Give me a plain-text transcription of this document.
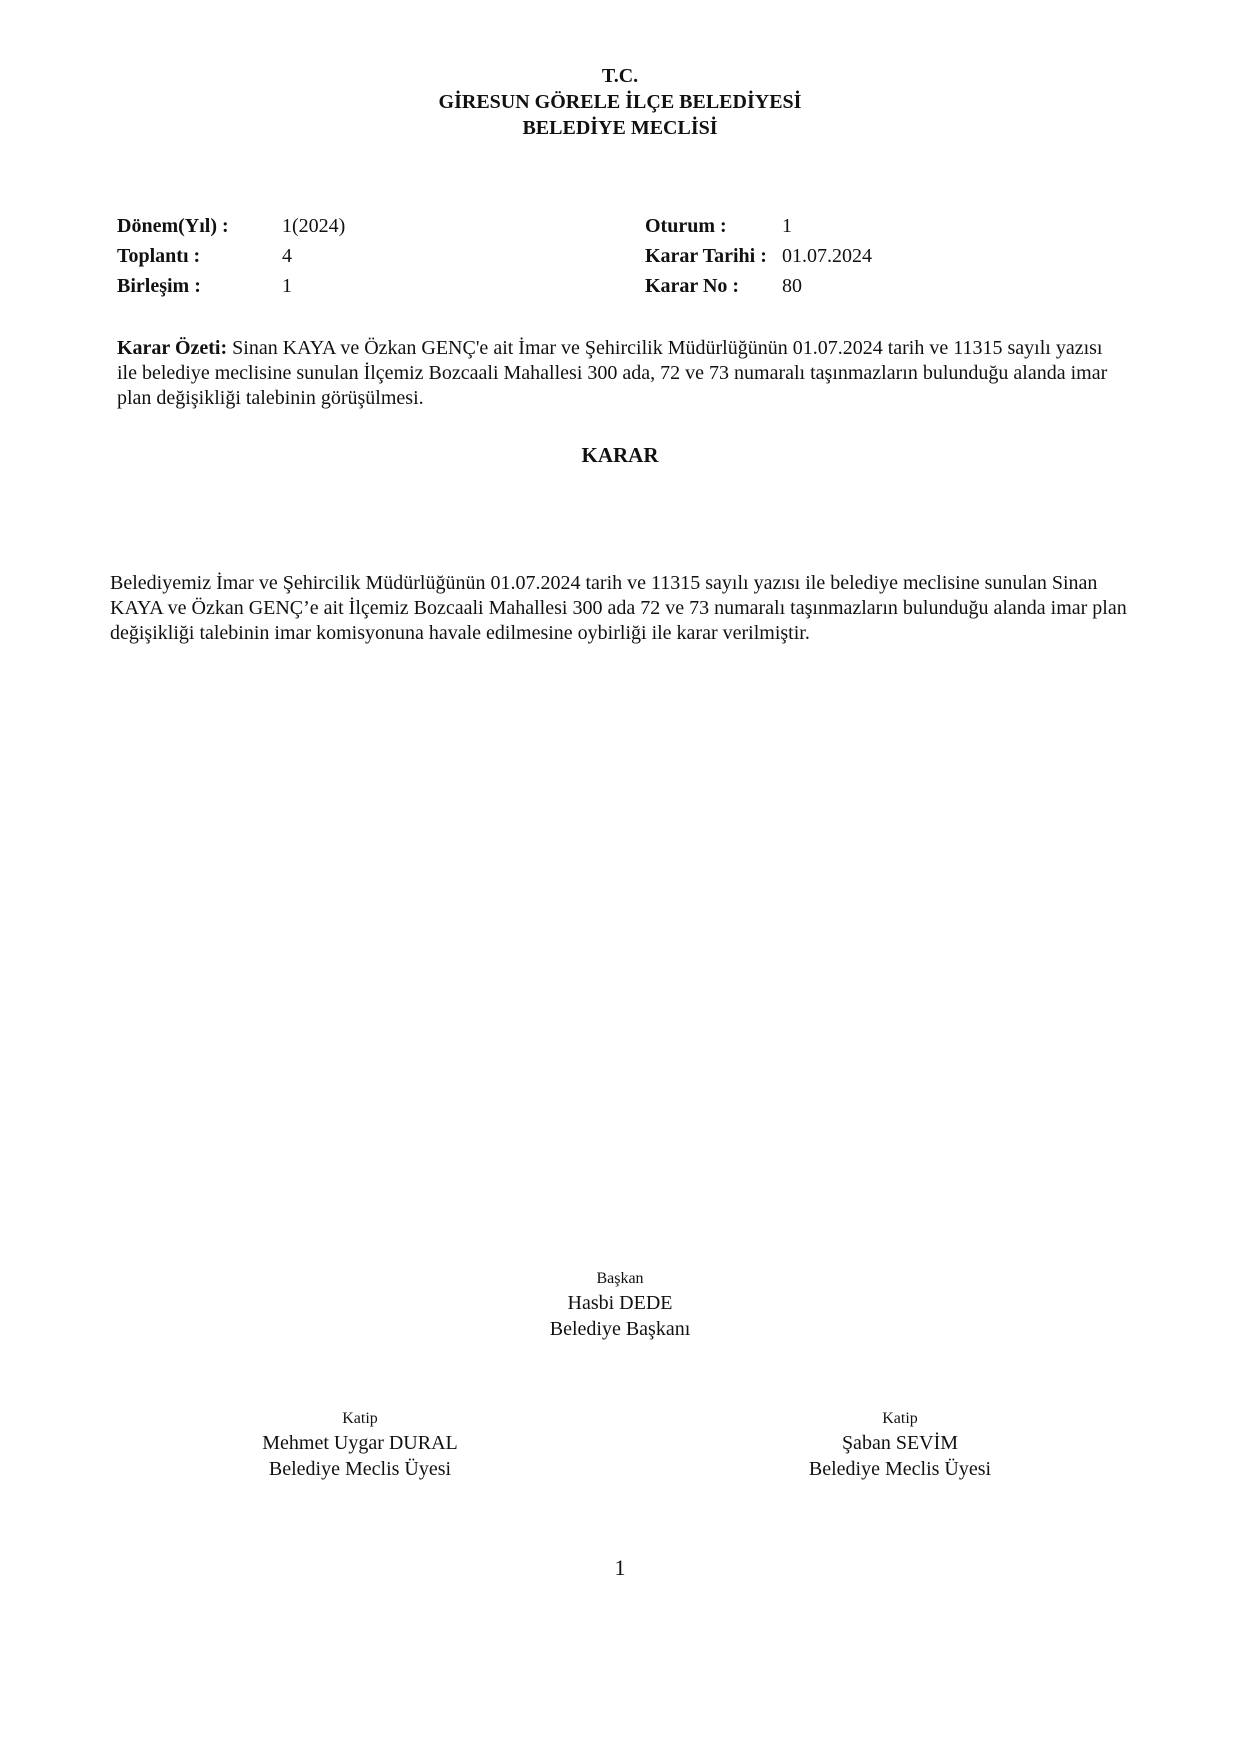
T.C.
GİRESUN GÖRELE İLÇE BELEDİYESİ
BELEDİYE MECLİSİ
Dönem(Yıl) :	1(2024)
Toplantı :	4
Birleşim :	1
Oturum :	1
Karar Tarihi : 01.07.2024
Karar No : 80
Karar Özeti: Sinan KAYA ve Özkan GENÇ'e ait İmar ve Şehircilik Müdürlüğünün 01.07.2024 tarih ve 11315 sayılı yazısı ile belediye meclisine sunulan İlçemiz Bozcaali Mahallesi 300 ada, 72 ve 73 numaralı taşınmazların bulunduğu alanda imar plan değişikliği talebinin görüşülmesi.
KARAR
Belediyemiz İmar ve Şehircilik Müdürlüğünün 01.07.2024 tarih ve 11315 sayılı yazısı ile belediye meclisine sunulan Sinan KAYA ve Özkan GENÇ’e ait İlçemiz Bozcaali Mahallesi 300 ada 72 ve 73 numaralı taşınmazların bulunduğu alanda imar plan değişikliği talebinin imar komisyonuna havale edilmesine oybirliği ile karar verilmiştir.
Başkan
Hasbi DEDE
Belediye Başkanı
Katip
Mehmet Uygar DURAL
Belediye Meclis Üyesi
Katip
Şaban SEVİM
Belediye Meclis Üyesi
1
